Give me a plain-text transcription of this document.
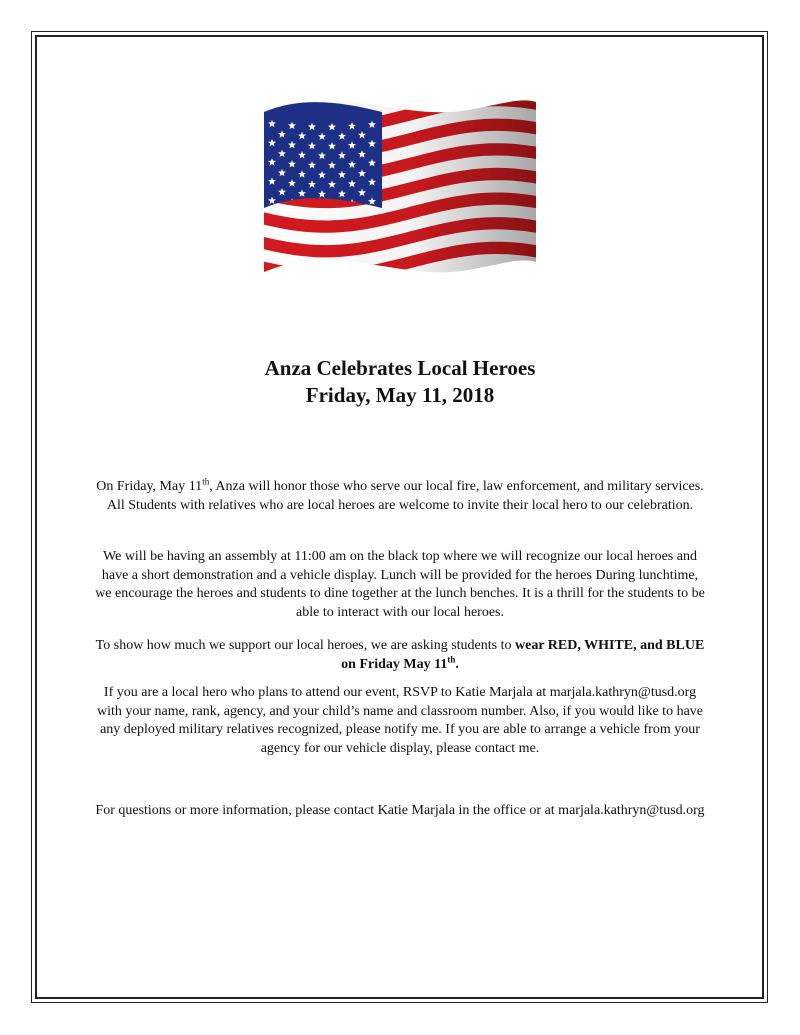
Anza Celebrates Local Heroes
Friday, May 11, 2018
On Friday, May 11th, Anza will honor those who serve our local fire, law enforcement, and military services. All Students with relatives who are local heroes are welcome to invite their local hero to our celebration.
We will be having an assembly at 11:00 am on the black top where we will recognize our local heroes and have a short demonstration and a vehicle display. Lunch will be provided for the heroes During lunchtime, we encourage the heroes and students to dine together at the lunch benches. It is a thrill for the students to be able to interact with our local heroes.
To show how much we support our local heroes, we are asking students to wear RED, WHITE, and BLUE on Friday May 11th.
If you are a local hero who plans to attend our event, RSVP to Katie Marjala at marjala.kathryn@tusd.org with your name, rank, agency, and your child’s name and classroom number. Also, if you would like to have any deployed military relatives recognized, please notify me. If you are able to arrange a vehicle from your agency for our vehicle display, please contact me.
For questions or more information, please contact Katie Marjala in the office or at marjala.kathryn@tusd.org
